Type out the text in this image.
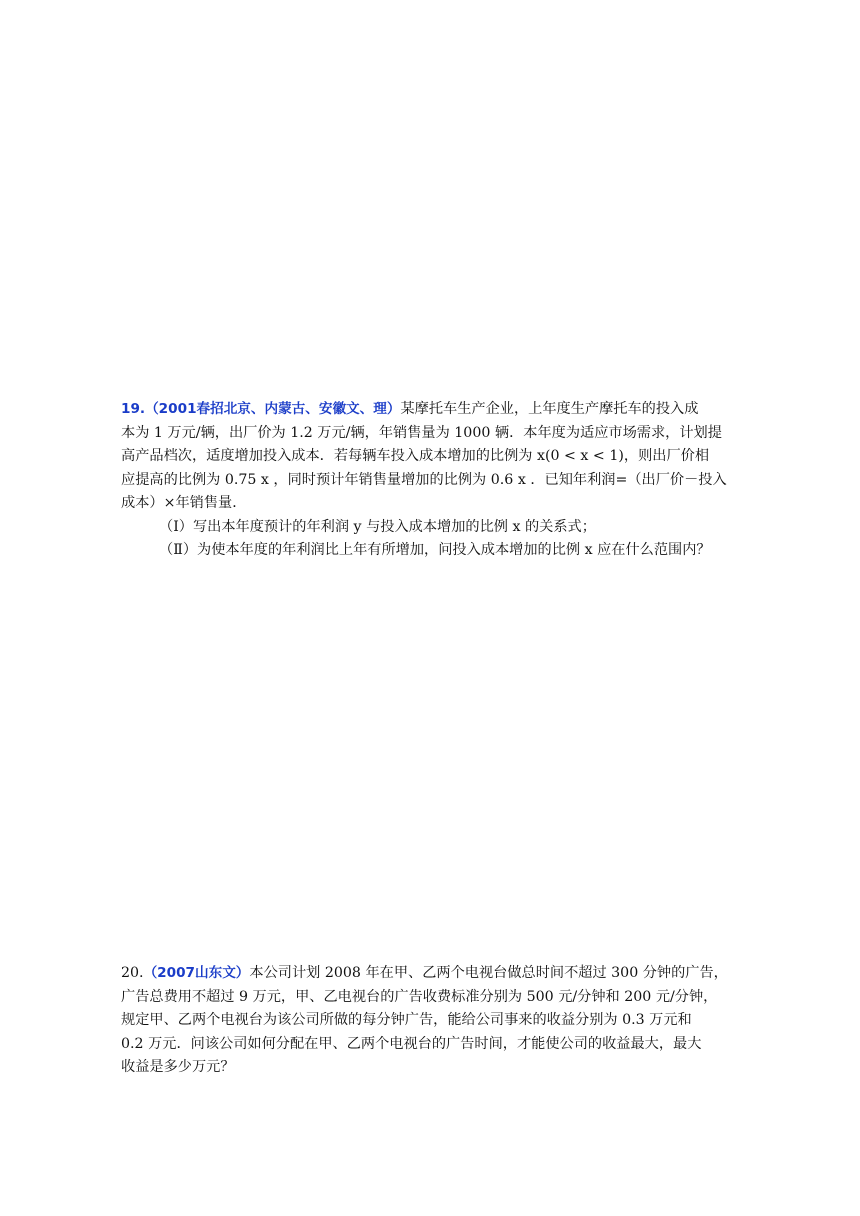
19.（2001春招北京、内蒙古、安徽文、理）某摩托车生产企业，上年度生产摩托车的投入成
本为 1 万元/辆，出厂价为 1.2 万元/辆，年销售量为 1000 辆．本年度为适应市场需求，计划提
高产品档次，适度增加投入成本．若每辆车投入成本增加的比例为 x(0 < x < 1)，则出厂价相
应提高的比例为 0.75 x ，同时预计年销售量增加的比例为 0.6 x ．已知年利润=（出厂价－投入
成本）×年销售量．
（Ⅰ）写出本年度预计的年利润 y 与投入成本增加的比例 x 的关系式；
（Ⅱ）为使本年度的年利润比上年有所增加，问投入成本增加的比例 x 应在什么范围内？
20.（2007山东文）本公司计划 2008 年在甲、乙两个电视台做总时间不超过 300 分钟的广告，
广告总费用不超过 9 万元，甲、乙电视台的广告收费标准分别为 500 元/分钟和 200 元/分钟，
规定甲、乙两个电视台为该公司所做的每分钟广告，能给公司事来的收益分别为 0.3 万元和
0.2 万元．问该公司如何分配在甲、乙两个电视台的广告时间，才能使公司的收益最大，最大
收益是多少万元？
